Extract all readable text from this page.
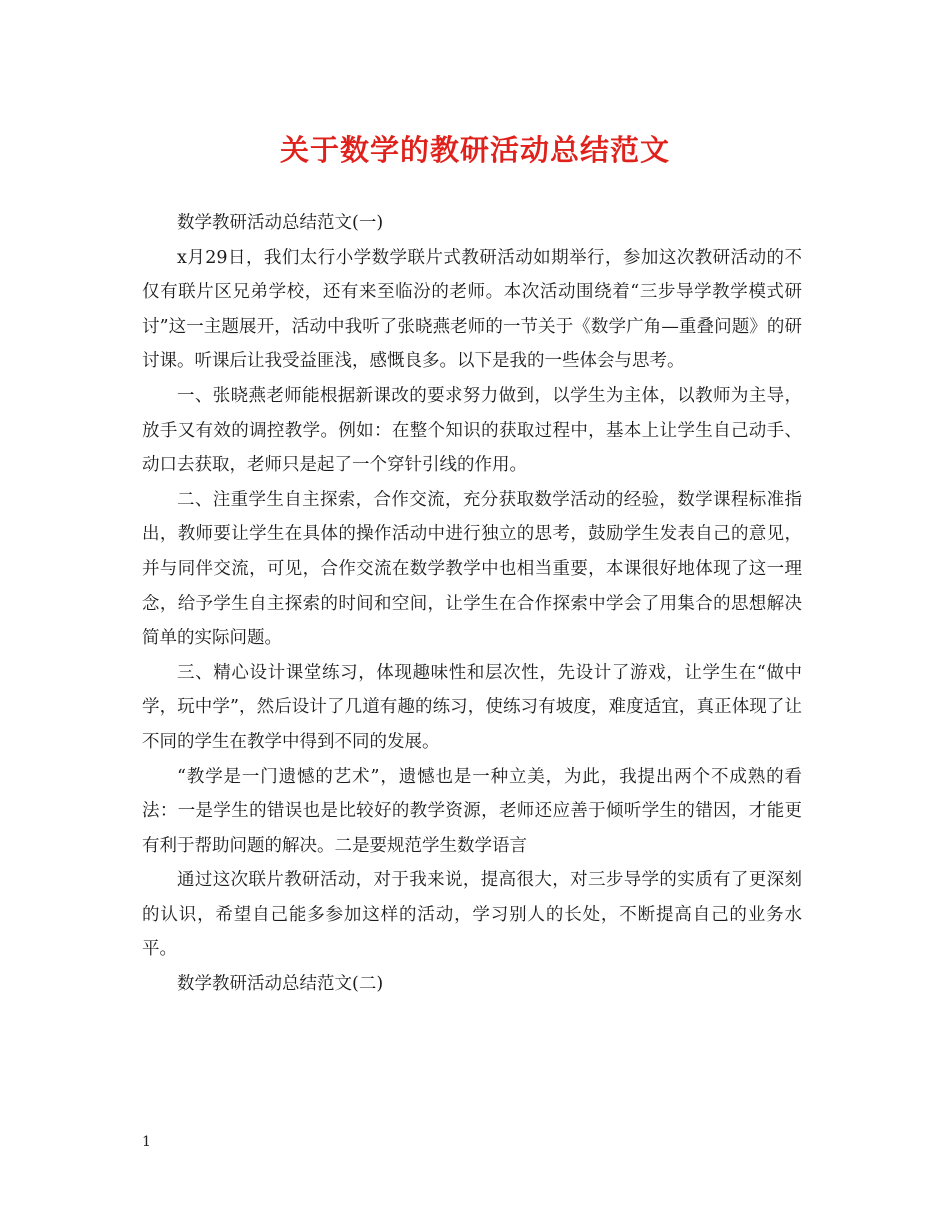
关于数学的教研活动总结范文

数学教研活动总结范文(一)

x月29日，我们太行小学数学联片式教研活动如期举行，参加这次教研活动的不仅有联片区兄弟学校，还有来至临汾的老师。本次活动围绕着“三步导学教学模式研讨”这一主题展开，活动中我听了张晓燕老师的一节关于《数学广角—重叠问题》的研讨课。听课后让我受益匪浅，感慨良多。以下是我的一些体会与思考。

一、张晓燕老师能根据新课改的要求努力做到，以学生为主体，以教师为主导，放手又有效的调控教学。例如：在整个知识的获取过程中，基本上让学生自己动手、动口去获取，老师只是起了一个穿针引线的作用。

二、注重学生自主探索，合作交流，充分获取数学活动的经验，数学课程标准指出，教师要让学生在具体的操作活动中进行独立的思考，鼓励学生发表自己的意见，并与同伴交流，可见，合作交流在数学教学中也相当重要，本课很好地体现了这一理念，给予学生自主探索的时间和空间，让学生在合作探索中学会了用集合的思想解决简单的实际问题。

三、精心设计课堂练习，体现趣味性和层次性，先设计了游戏，让学生在“做中学，玩中学”，然后设计了几道有趣的练习，使练习有坡度，难度适宜，真正体现了让不同的学生在教学中得到不同的发展。

“教学是一门遗憾的艺术”，遗憾也是一种立美，为此，我提出两个不成熟的看法：一是学生的错误也是比较好的教学资源，老师还应善于倾听学生的错因，才能更有利于帮助问题的解决。二是要规范学生数学语言

通过这次联片教研活动，对于我来说，提高很大，对三步导学的实质有了更深刻的认识，希望自己能多参加这样的活动，学习别人的长处，不断提高自己的业务水平。

数学教研活动总结范文(二)

1
